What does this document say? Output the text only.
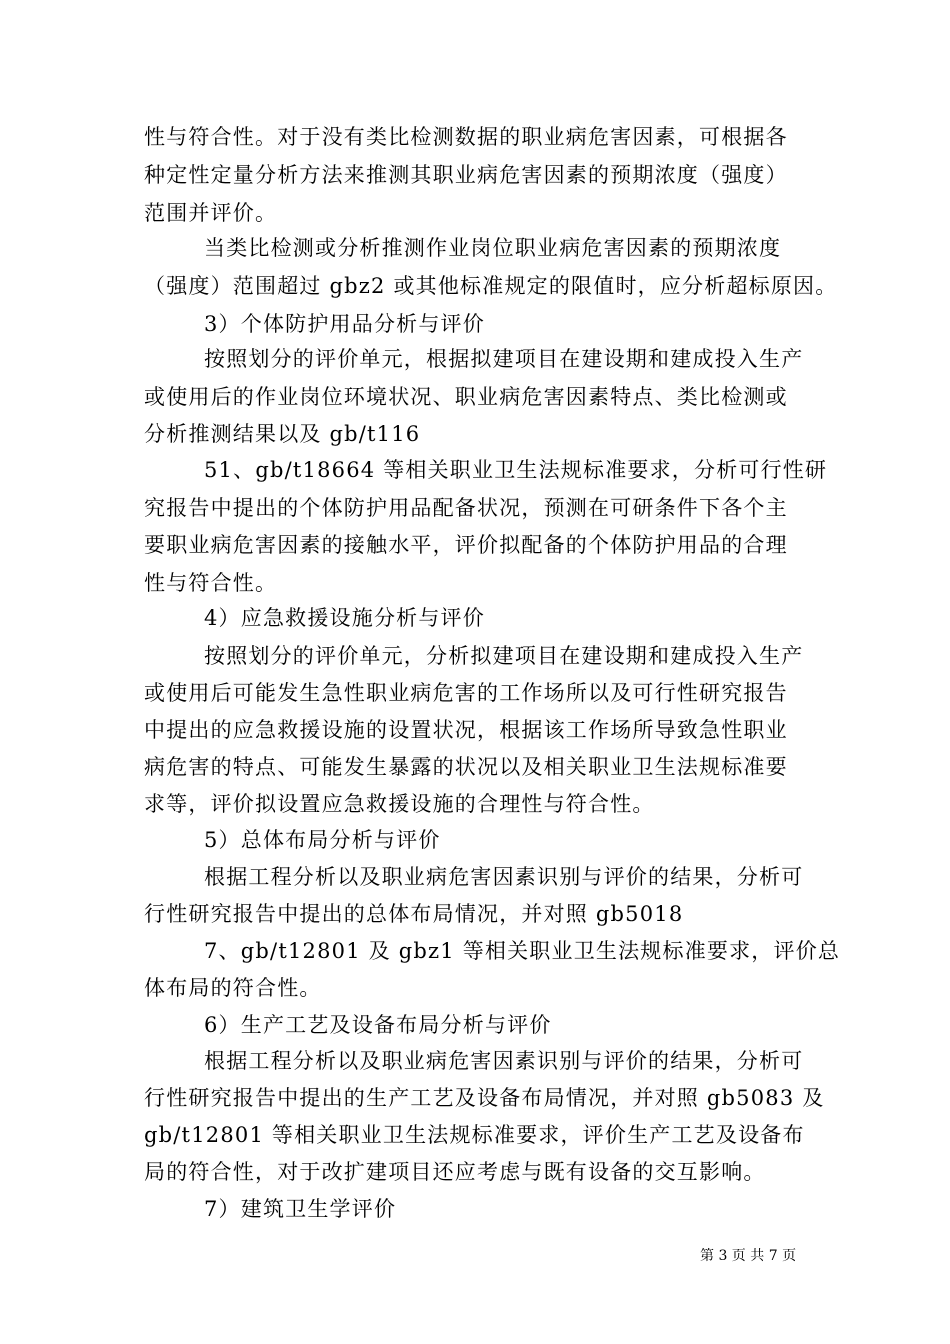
性与符合性。对于没有类比检测数据的职业病危害因素，可根据各
种定性定量分析方法来推测其职业病危害因素的预期浓度（强度）
范围并评价。
当类比检测或分析推测作业岗位职业病危害因素的预期浓度
（强度）范围超过 gbz2 或其他标准规定的限值时，应分析超标原因。
3）个体防护用品分析与评价
按照划分的评价单元，根据拟建项目在建设期和建成投入生产
或使用后的作业岗位环境状况、职业病危害因素特点、类比检测或
分析推测结果以及 gb/t116
51、gb/t18664 等相关职业卫生法规标准要求，分析可行性研
究报告中提出的个体防护用品配备状况，预测在可研条件下各个主
要职业病危害因素的接触水平，评价拟配备的个体防护用品的合理
性与符合性。
4）应急救援设施分析与评价
按照划分的评价单元，分析拟建项目在建设期和建成投入生产
或使用后可能发生急性职业病危害的工作场所以及可行性研究报告
中提出的应急救援设施的设置状况，根据该工作场所导致急性职业
病危害的特点、可能发生暴露的状况以及相关职业卫生法规标准要
求等，评价拟设置应急救援设施的合理性与符合性。
5）总体布局分析与评价
根据工程分析以及职业病危害因素识别与评价的结果，分析可
行性研究报告中提出的总体布局情况，并对照 gb5018
7、gb/t12801 及 gbz1 等相关职业卫生法规标准要求，评价总
体布局的符合性。
6）生产工艺及设备布局分析与评价
根据工程分析以及职业病危害因素识别与评价的结果，分析可
行性研究报告中提出的生产工艺及设备布局情况，并对照 gb5083 及
gb/t12801 等相关职业卫生法规标准要求，评价生产工艺及设备布
局的符合性，对于改扩建项目还应考虑与既有设备的交互影响。
7）建筑卫生学评价
第 3 页 共 7 页
